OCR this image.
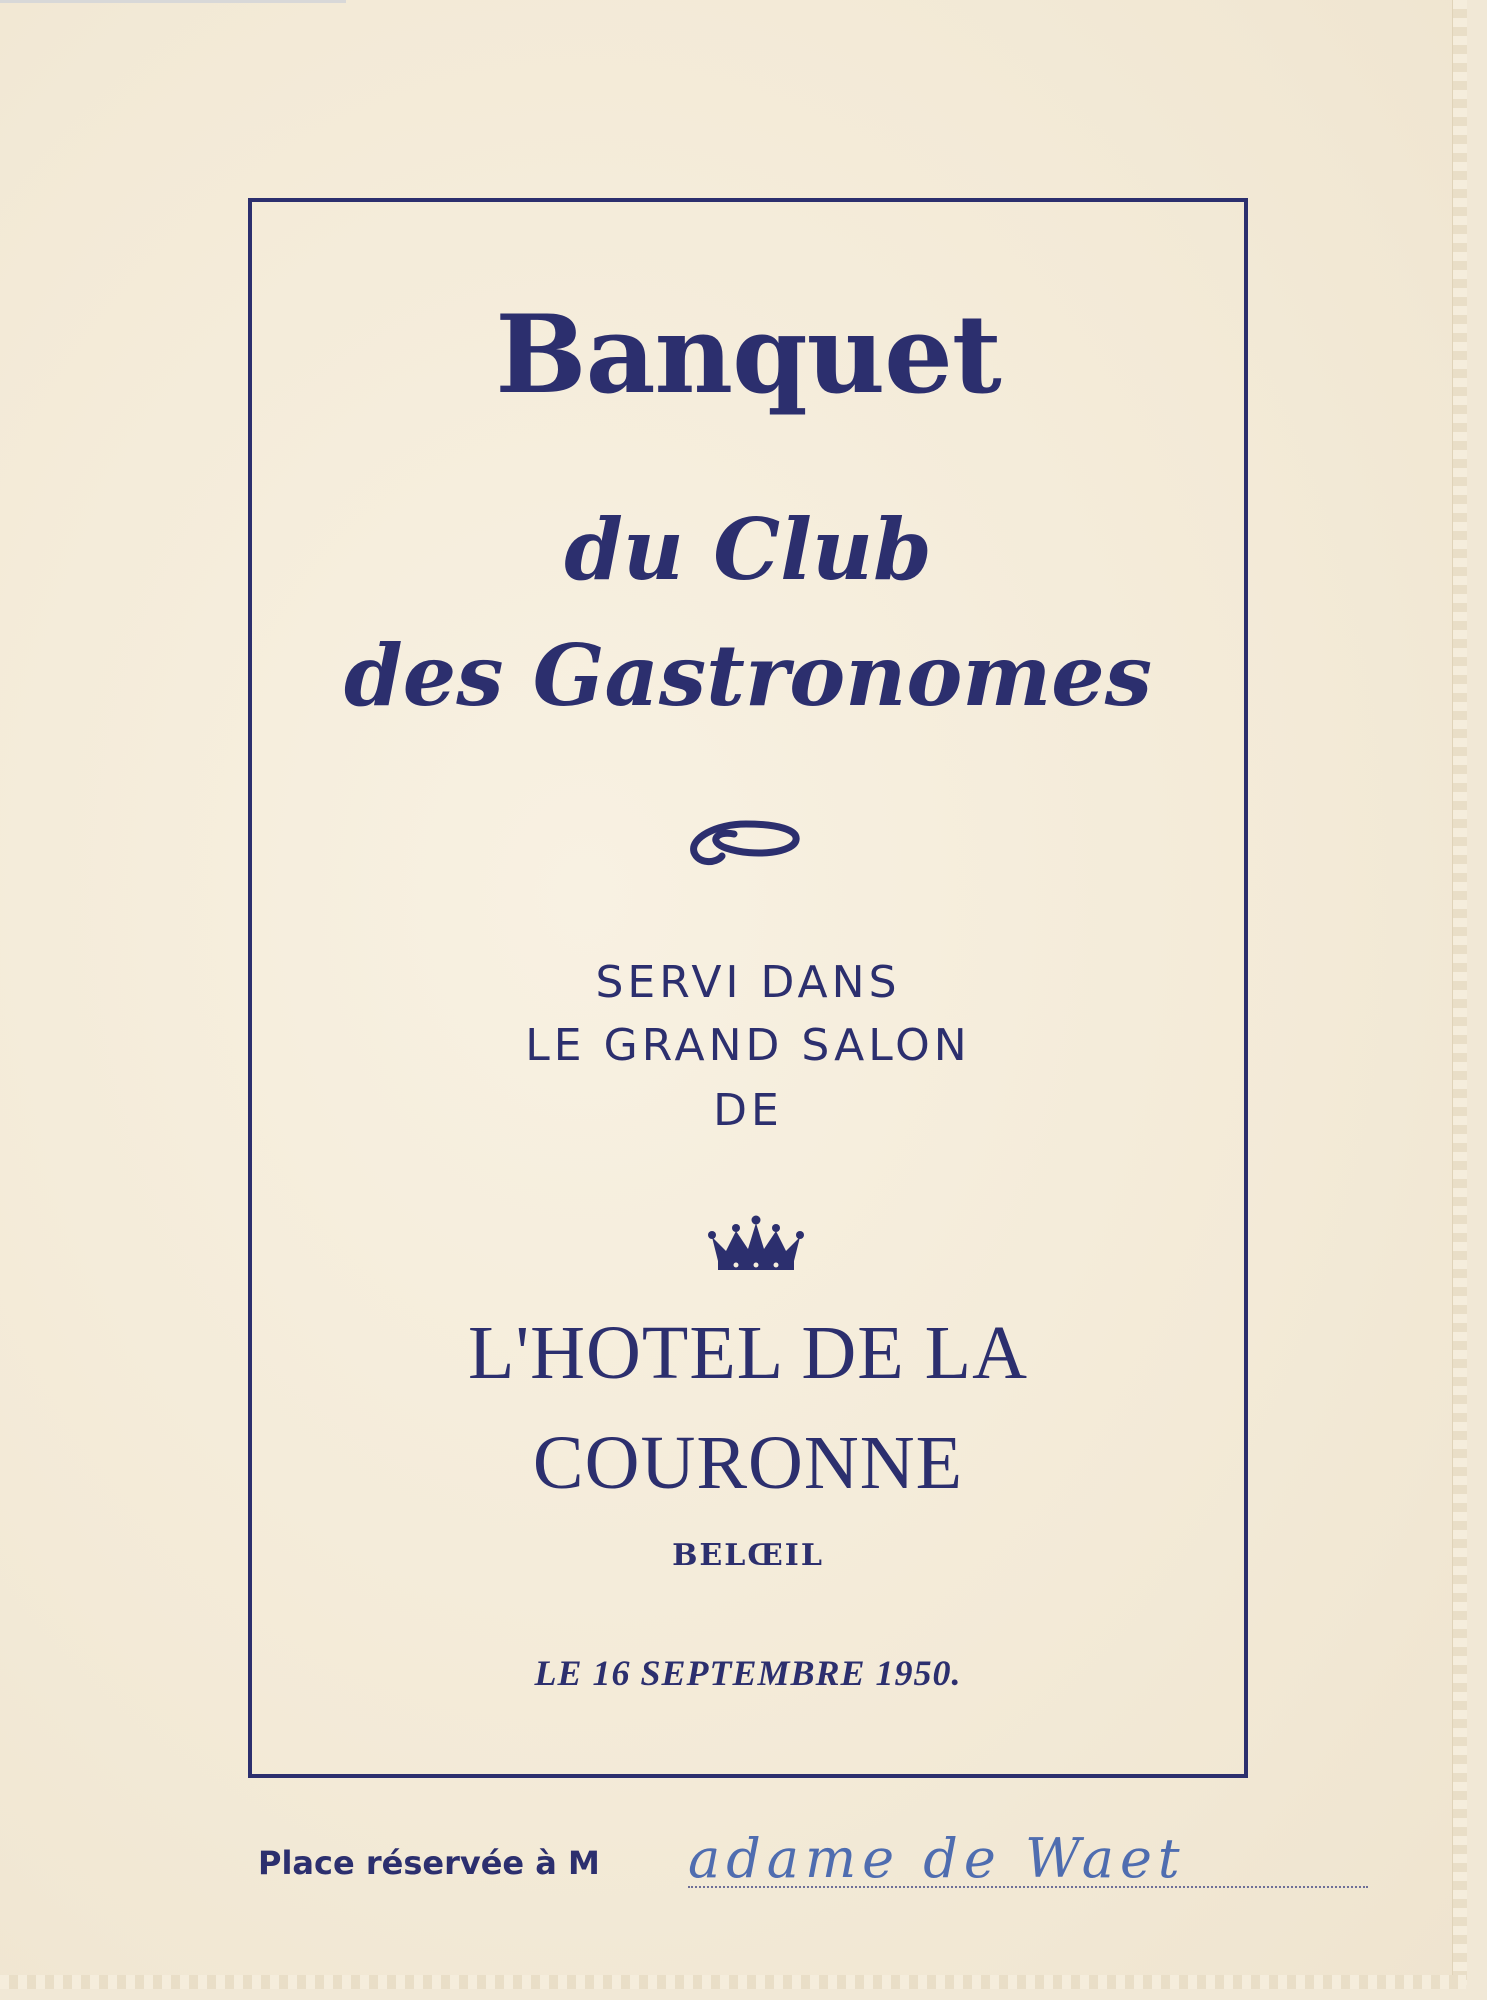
Banquet
du Club
des Gastronomes
SERVI DANS
LE GRAND SALON
DE
L'HOTEL DE LA
COURONNE
BELŒIL
LE 16 SEPTEMBRE 1950.
Place réservée à M adame de Waet
